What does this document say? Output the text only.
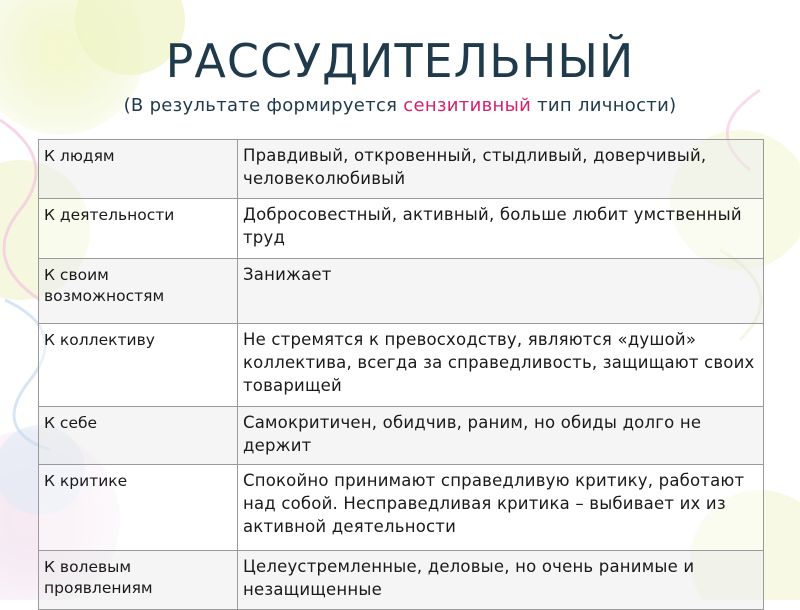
РАССУДИТЕЛЬНЫЙ
(В результате формируется сензитивный тип личности)
К людям	Правдивый, откровенный, стыдливый, доверчивый, человеколюбивый
К деятельности	Добросовестный, активный, больше любит умственный труд
К своим возможностям	Занижает
К коллективу	Не стремятся к превосходству, являются «душой» коллектива, всегда за справедливость, защищают своих товарищей
К себе	Самокритичен, обидчив, раним, но обиды долго не держит
К критике	Спокойно принимают справедливую критику, работают над собой. Несправедливая критика – выбивает их из активной деятельности
К волевым проявлениям	Целеустремленные, деловые, но очень ранимые и незащищенные
